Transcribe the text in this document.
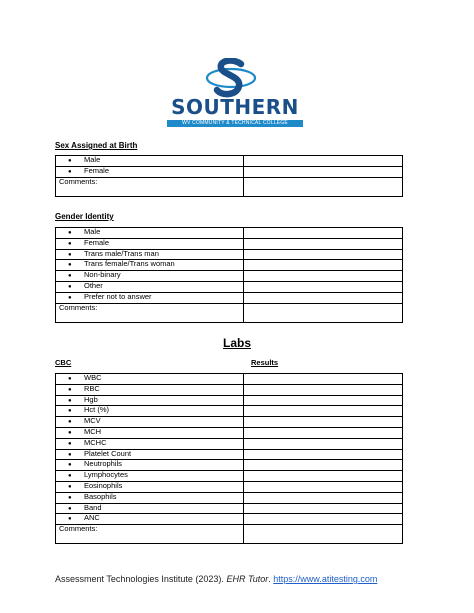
SOUTHERN
WV COMMUNITY & TECHNICAL COLLEGE
Sex Assigned at Birth
● Male	
● Female	
Comments:	
Gender Identity
● Male	
● Female	
● Trans male/Trans man	
● Trans female/Trans woman	
● Non-binary	
● Other	
● Prefer not to answer	
Comments:	
Labs
CBC	Results
● WBC	
● RBC	
● Hgb	
● Hct (%)	
● MCV	
● MCH	
● MCHC	
● Platelet Count	
● Neutrophils	
● Lymphocytes	
● Eosinophils	
● Basophils	
● Band	
● ANC	
Comments:	
Assessment Technologies Institute (2023). EHR Tutor. https://www.atitesting.com
